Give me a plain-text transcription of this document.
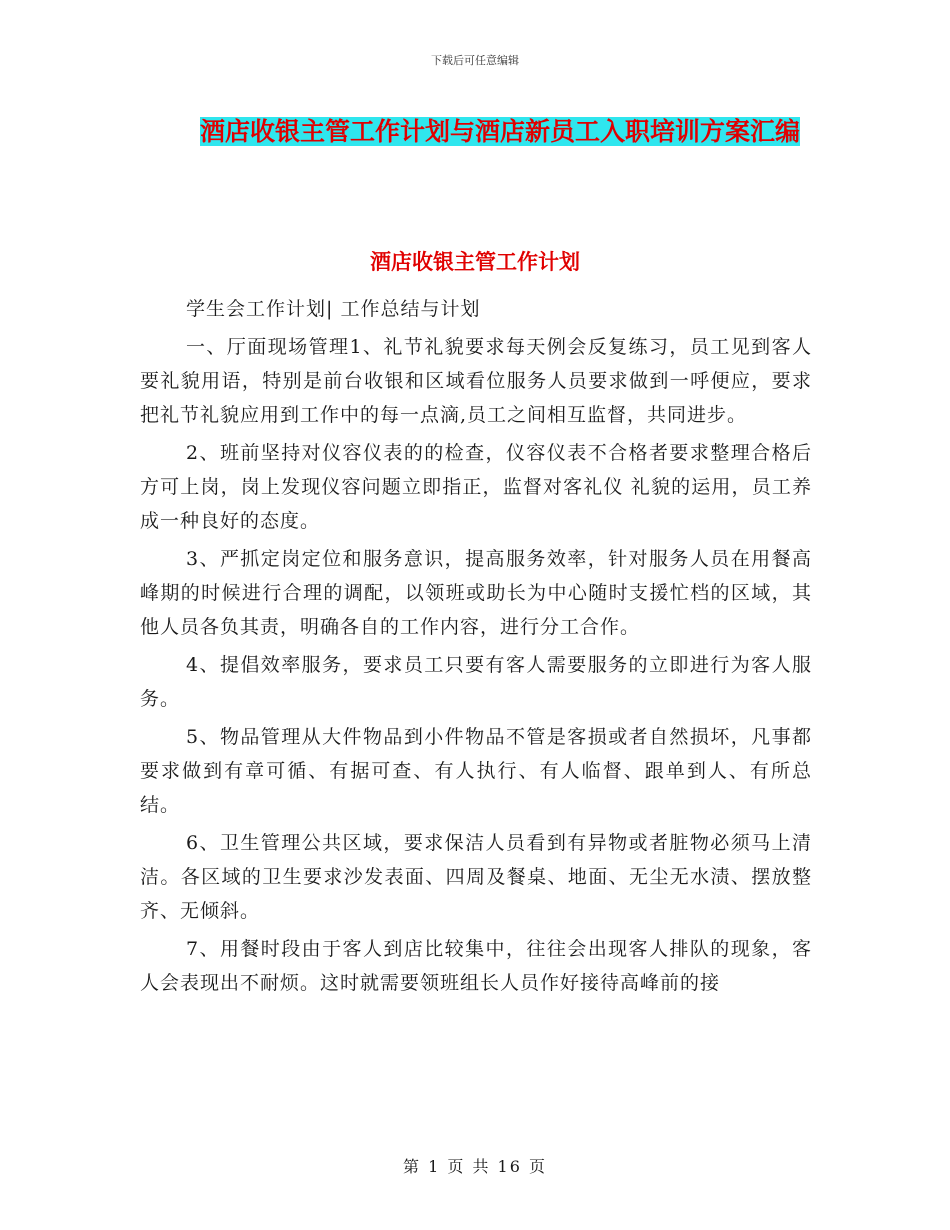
下载后可任意编辑
酒店收银主管工作计划与酒店新员工入职培训方案汇编
酒店收银主管工作计划

学生会工作计划| 工作总结与计划

一、厅面现场管理1、礼节礼貌要求每天例会反复练习，员工见到客人要礼貌用语，特别是前台收银和区域看位服务人员要求做到一呼便应，要求把礼节礼貌应用到工作中的每一点滴,员工之间相互监督，共同进步。

2、班前坚持对仪容仪表的的检查，仪容仪表不合格者要求整理合格后方可上岗，岗上发现仪容问题立即指正，监督对客礼仪 礼貌的运用，员工养成一种良好的态度。

3、严抓定岗定位和服务意识，提高服务效率，针对服务人员在用餐高峰期的时候进行合理的调配，以领班或助长为中心随时支援忙档的区域，其他人员各负其责，明确各自的工作内容，进行分工合作。

4、提倡效率服务，要求员工只要有客人需要服务的立即进行为客人服务。

5、物品管理从大件物品到小件物品不管是客损或者自然损坏，凡事都要求做到有章可循、有据可查、有人执行、有人临督、跟单到人、有所总结。

6、卫生管理公共区域，要求保洁人员看到有异物或者脏物必须马上清洁。各区域的卫生要求沙发表面、四周及餐桌、地面、无尘无水渍、摆放整齐、无倾斜。

7、用餐时段由于客人到店比较集中，往往会出现客人排队的现象，客人会表现出不耐烦。这时就需要领班组长人员作好接待高峰前的接

第 1 页 共 16 页
